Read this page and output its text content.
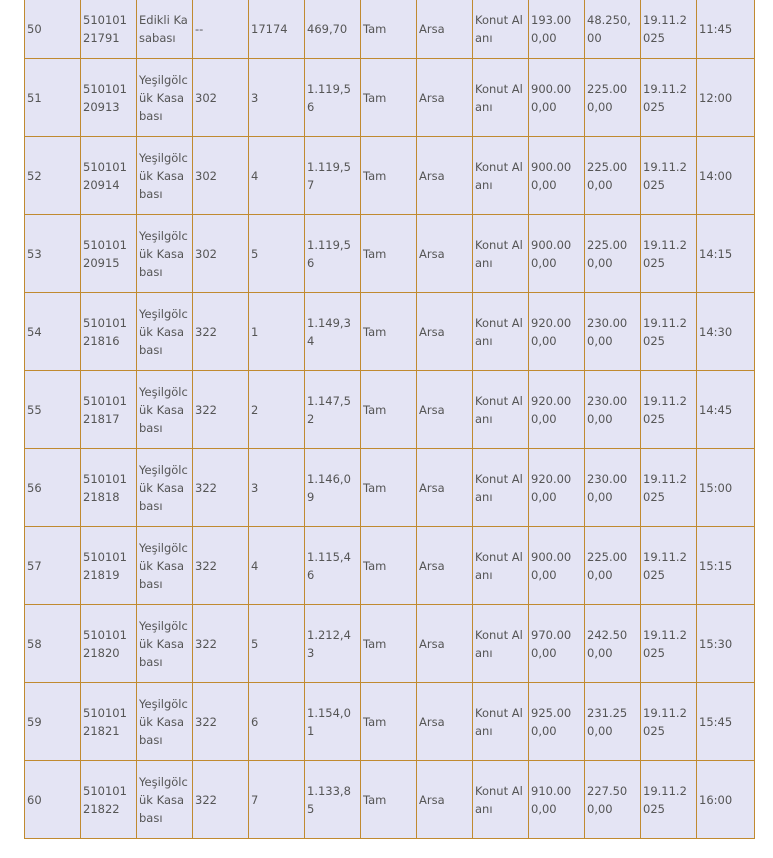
50	51010121791	Edikli Kasabası	--	17174	469,70	Tam	Arsa	Konut Alanı	193.000,00	48.250,00	19.11.2025	11:45
51	51010120913	Yeşilgölcük Kasabası	302	3	1.119,56	Tam	Arsa	Konut Alanı	900.000,00	225.000,00	19.11.2025	12:00
52	51010120914	Yeşilgölcük Kasabası	302	4	1.119,57	Tam	Arsa	Konut Alanı	900.000,00	225.000,00	19.11.2025	14:00
53	51010120915	Yeşilgölcük Kasabası	302	5	1.119,56	Tam	Arsa	Konut Alanı	900.000,00	225.000,00	19.11.2025	14:15
54	51010121816	Yeşilgölcük Kasabası	322	1	1.149,34	Tam	Arsa	Konut Alanı	920.000,00	230.000,00	19.11.2025	14:30
55	51010121817	Yeşilgölcük Kasabası	322	2	1.147,52	Tam	Arsa	Konut Alanı	920.000,00	230.000,00	19.11.2025	14:45
56	51010121818	Yeşilgölcük Kasabası	322	3	1.146,09	Tam	Arsa	Konut Alanı	920.000,00	230.000,00	19.11.2025	15:00
57	51010121819	Yeşilgölcük Kasabası	322	4	1.115,46	Tam	Arsa	Konut Alanı	900.000,00	225.000,00	19.11.2025	15:15
58	51010121820	Yeşilgölcük Kasabası	322	5	1.212,43	Tam	Arsa	Konut Alanı	970.000,00	242.500,00	19.11.2025	15:30
59	51010121821	Yeşilgölcük Kasabası	322	6	1.154,01	Tam	Arsa	Konut Alanı	925.000,00	231.250,00	19.11.2025	15:45
60	51010121822	Yeşilgölcük Kasabası	322	7	1.133,85	Tam	Arsa	Konut Alanı	910.000,00	227.500,00	19.11.2025	16:00
